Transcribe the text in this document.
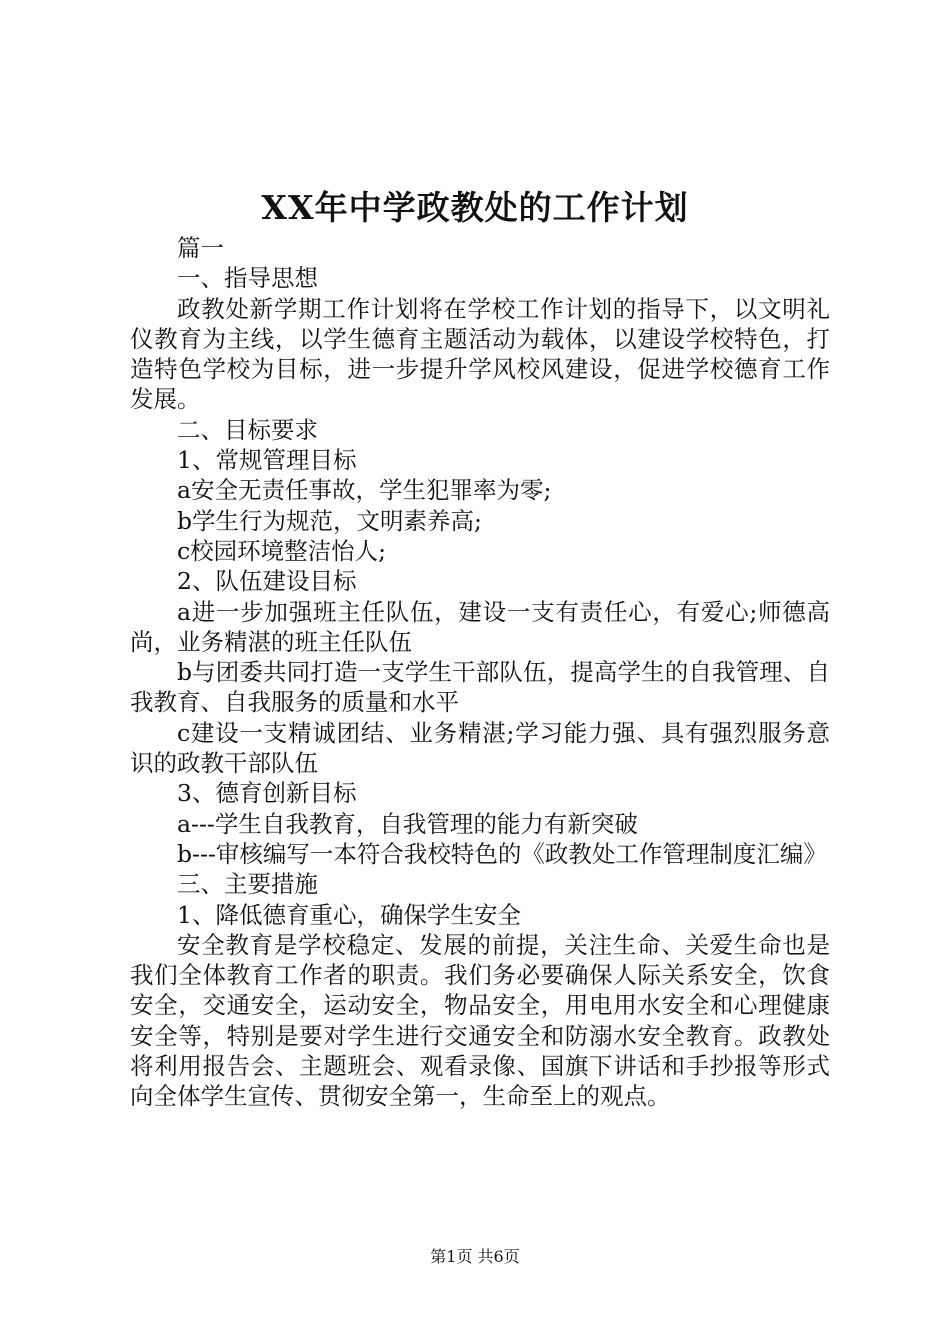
XX年中学政教处的工作计划

篇一

一、指导思想

政教处新学期工作计划将在学校工作计划的指导下，以文明礼仪教育为主线，以学生德育主题活动为载体，以建设学校特色，打造特色学校为目标，进一步提升学风校风建设，促进学校德育工作发展。

二、目标要求

1、常规管理目标

a安全无责任事故，学生犯罪率为零;

b学生行为规范，文明素养高;

c校园环境整洁怡人;

2、队伍建设目标

a进一步加强班主任队伍，建设一支有责任心，有爱心;师德高尚，业务精湛的班主任队伍

b与团委共同打造一支学生干部队伍，提高学生的自我管理、自我教育、自我服务的质量和水平

c建设一支精诚团结、业务精湛;学习能力强、具有强烈服务意识的政教干部队伍

3、德育创新目标

a---学生自我教育，自我管理的能力有新突破

b---审核编写一本符合我校特色的《政教处工作管理制度汇编》

三、主要措施

1、降低德育重心，确保学生安全

安全教育是学校稳定、发展的前提，关注生命、关爱生命也是我们全体教育工作者的职责。我们务必要确保人际关系安全，饮食安全，交通安全，运动安全，物品安全，用电用水安全和心理健康安全等，特别是要对学生进行交通安全和防溺水安全教育。政教处将利用报告会、主题班会、观看录像、国旗下讲话和手抄报等形式向全体学生宣传、贯彻安全第一，生命至上的观点。

第1页 共6页
